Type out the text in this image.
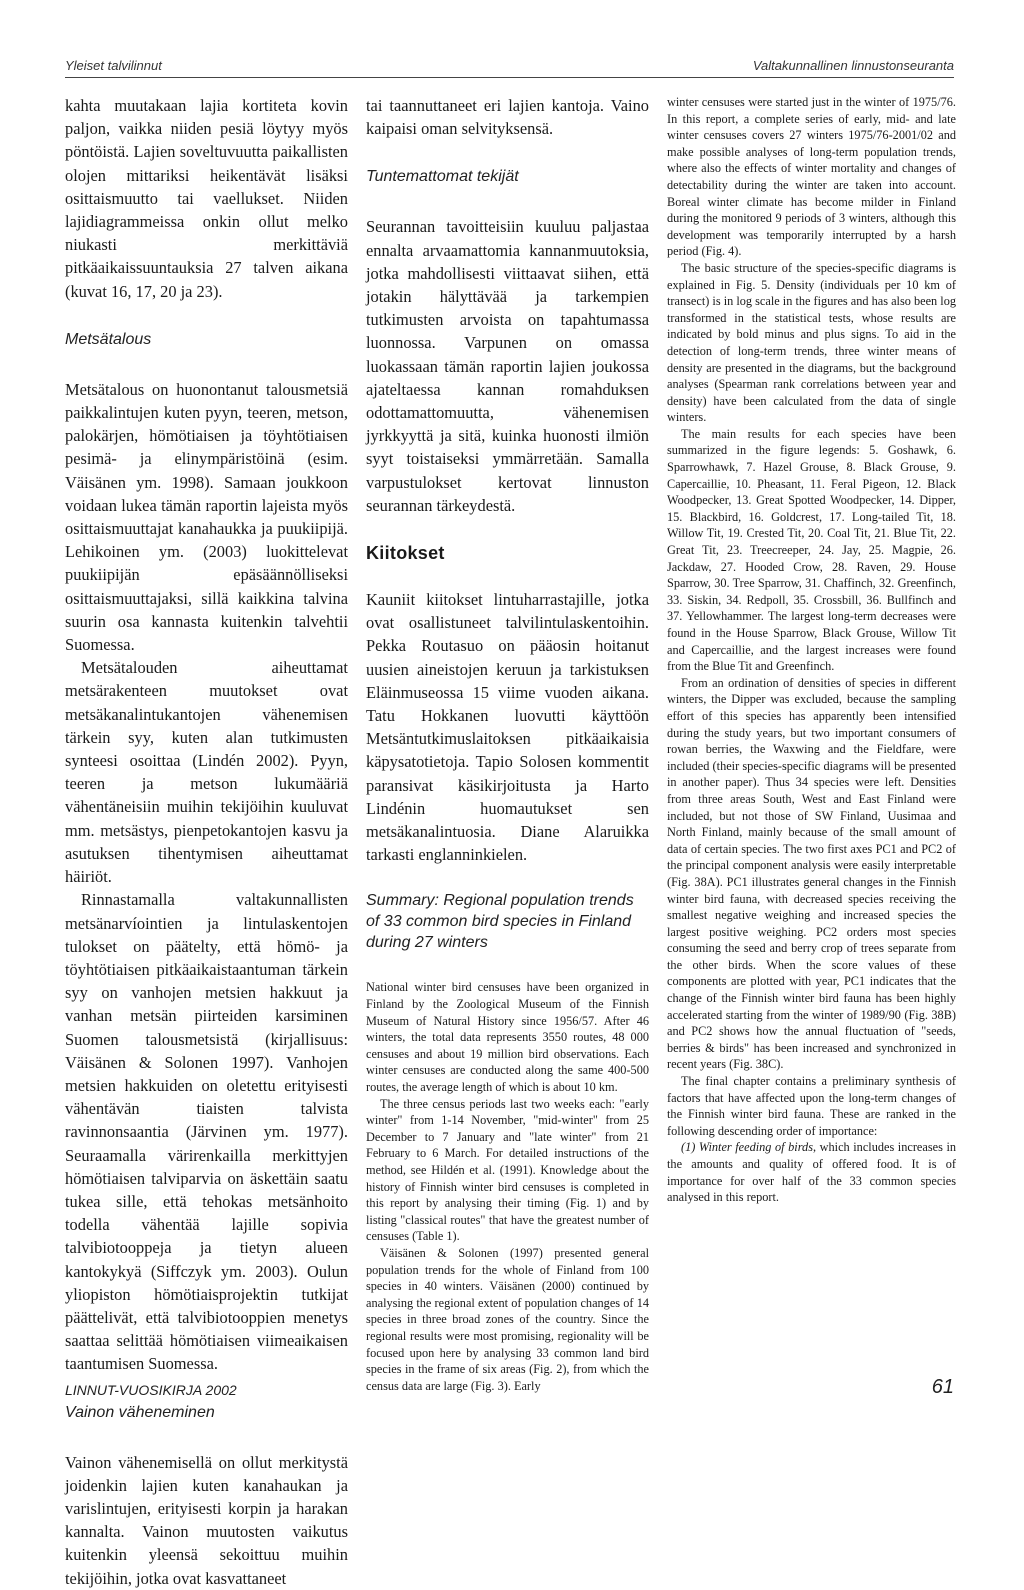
Yleiset talvilinnut	Valtakunnallinen linnustonseuranta

kahta muutakaan lajia kortiteta kovin paljon, vaikka niiden pesiä löytyy myös pöntöistä. Lajien soveltuvuutta paikallisten olojen mittariksi heikentävät lisäksi osittaismuutto tai vaellukset. Niiden lajidiagrammeissa onkin ollut melko niukasti merkittäviä pitkäaikaissuuntauksia 27 talven aikana (kuvat 16, 17, 20 ja 23).

Metsätalous

Metsätalous on huonontanut talousmetsiä paikkalintujen kuten pyyn, teeren, metson, palokärjen, hömötiaisen ja töyhtötiaisen pesimä- ja elinympäristöinä (esim. Väisänen ym. 1998). Samaan joukkoon voidaan lukea tämän raportin lajeista myös osittaismuuttajat kanahaukka ja puukiipijä. Lehikoinen ym. (2003) luokittelevat puukiipijän epäsäännölliseksi osittaismuuttajaksi, sillä kaikkina talvina suurin osa kannasta kuitenkin talvehtii Suomessa.

Metsätalouden aiheuttamat metsärakenteen muutokset ovat metsäkanalintukantojen vähenemisen tärkein syy, kuten alan tutkimusten synteesi osoittaa (Lindén 2002). Pyyn, teeren ja metson lukumääriä vähentäneisiin muihin tekijöihin kuuluvat mm. metsästys, pienpetokantojen kasvu ja asutuksen tihentymisen aiheuttamat häiriöt.

Rinnastamalla valtakunnallisten metsänarvíointien ja lintulaskentojen tulokset on päätelty, että hömö- ja töyhtötiaisen pitkäaikaistaantuman tärkein syy on vanhojen metsien hakkuut ja vanhan metsän piirteiden karsiminen Suomen talousmetsistä (kirjallisuus: Väisänen & Solonen 1997). Vanhojen metsien hakkuiden on oletettu erityisesti vähentävän tiaisten talvista ravinnonsaantia (Järvinen ym. 1977). Seuraamalla värirenkailla merkittyjen hömötiaisen talviparvia on äskettäin saatu tukea sille, että tehokas metsänhoito todella vähentää lajille sopivia talvibiotooppeja ja tietyn alueen kantokykyä (Siffczyk ym. 2003). Oulun yliopiston hömötiaisprojektin tutkijat päättelivät, että talvibiotooppien menetys saattaa selittää hömötiaisen viimeaikaisen taantumisen Suomessa.

Vainon väheneminen

Vainon vähenemisellä on ollut merkitystä joidenkin lajien kuten kanahaukan ja varislintujen, erityisesti korpin ja harakan kannalta. Vainon muutosten vaikutus kuitenkin yleensä sekoittuu muihin tekijöihin, jotka ovat kasvattaneet

tai taannuttaneet eri lajien kantoja. Vaino kaipaisi oman selvityksensä.

Tuntemattomat tekijät

Seurannan tavoitteisiin kuuluu paljastaa ennalta arvaamattomia kannanmuutoksia, jotka mahdollisesti viittaavat siihen, että jotakin hälyttävää ja tarkempien tutkimusten arvoista on tapahtumassa luonnossa. Varpunen on omassa luokassaan tämän raportin lajien joukossa ajateltaessa kannan romahduksen odottamattomuutta, vähenemisen jyrkkyyttä ja sitä, kuinka huonosti ilmiön syyt toistaiseksi ymmärretään. Samalla varpustulokset kertovat linnuston seurannan tärkeydestä.

Kiitokset

Kauniit kiitokset lintuharrastajille, jotka ovat osallistuneet talvilintulaskentoihin. Pekka Routasuo on pääosin hoitanut uusien aineistojen keruun ja tarkistuksen Eläinmuseossa 15 viime vuoden aikana. Tatu Hokkanen luovutti käyttöön Metsäntutkimuslaitoksen pitkäaikaisia käpysatotietoja. Tapio Solosen kommentit paransivat käsikirjoitusta ja Harto Lindénin huomautukset sen metsäkanalintuosia. Diane Alaruikka tarkasti englanninkielen.

Summary: Regional population trends of 33 common bird species in Finland during 27 winters

National winter bird censuses have been organized in Finland by the Zoological Museum of the Finnish Museum of Natural History since 1956/57. After 46 winters, the total data represents 3550 routes, 48 000 censuses and about 19 million bird observations. Each winter censuses are conducted along the same 400-500 routes, the average length of which is about 10 km.

The three census periods last two weeks each: "early winter" from 1-14 November, "mid-winter" from 25 December to 7 January and "late winter" from 21 February to 6 March. For detailed instructions of the method, see Hildén et al. (1991). Knowledge about the history of Finnish winter bird censuses is completed in this report by analysing their timing (Fig. 1) and by listing "classical routes" that have the greatest number of censuses (Table 1).

Väisänen & Solonen (1997) presented general population trends for the whole of Finland from 100 species in 40 winters. Väisänen (2000) continued by analysing the regional extent of population changes of 14 species in three broad zones of the country. Since the regional results were most promising, regionality will be focused upon here by analysing 33 common land bird species in the frame of six areas (Fig. 2), from which the census data are large (Fig. 3). Early

winter censuses were started just in the winter of 1975/76. In this report, a complete series of early, mid- and late winter censuses covers 27 winters 1975/76-2001/02 and make possible analyses of long-term population trends, where also the effects of winter mortality and changes of detectability during the winter are taken into account. Boreal winter climate has become milder in Finland during the monitored 9 periods of 3 winters, although this development was temporarily interrupted by a harsh period (Fig. 4).

The basic structure of the species-specific diagrams is explained in Fig. 5. Density (individuals per 10 km of transect) is in log scale in the figures and has also been log transformed in the statistical tests, whose results are indicated by bold minus and plus signs. To aid in the detection of long-term trends, three winter means of density are presented in the diagrams, but the background analyses (Spearman rank correlations between year and density) have been calculated from the data of single winters.

The main results for each species have been summarized in the figure legends: 5. Goshawk, 6. Sparrowhawk, 7. Hazel Grouse, 8. Black Grouse, 9. Capercaillie, 10. Pheasant, 11. Feral Pigeon, 12. Black Woodpecker, 13. Great Spotted Woodpecker, 14. Dipper, 15. Blackbird, 16. Goldcrest, 17. Long-tailed Tit, 18. Willow Tit, 19. Crested Tit, 20. Coal Tit, 21. Blue Tit, 22. Great Tit, 23. Treecreeper, 24. Jay, 25. Magpie, 26. Jackdaw, 27. Hooded Crow, 28. Raven, 29. House Sparrow, 30. Tree Sparrow, 31. Chaffinch, 32. Greenfinch, 33. Siskin, 34. Redpoll, 35. Crossbill, 36. Bullfinch and 37. Yellowhammer. The largest long-term decreases were found in the House Sparrow, Black Grouse, Willow Tit and Capercaillie, and the largest increases were found from the Blue Tit and Greenfinch.

From an ordination of densities of species in different winters, the Dipper was excluded, because the sampling effort of this species has apparently been intensified during the study years, but two important consumers of rowan berries, the Waxwing and the Fieldfare, were included (their species-specific diagrams will be presented in another paper). Thus 34 species were left. Densities from three areas South, West and East Finland were included, but not those of SW Finland, Uusimaa and North Finland, mainly because of the small amount of data of certain species. The two first axes PC1 and PC2 of the principal component analysis were easily interpretable (Fig. 38A). PC1 illustrates general changes in the Finnish winter bird fauna, with decreased species receiving the smallest negative weighing and increased species the largest positive weighing. PC2 orders most species consuming the seed and berry crop of trees separate from the other birds. When the score values of these components are plotted with year, PC1 indicates that the change of the Finnish winter bird fauna has been highly accelerated starting from the winter of 1989/90 (Fig. 38B) and PC2 shows how the annual fluctuation of "seeds, berries & birds" has been increased and synchronized in recent years (Fig. 38C).

The final chapter contains a preliminary synthesis of factors that have affected upon the long-term changes of the Finnish winter bird fauna. These are ranked in the following descending order of importance:

(1) Winter feeding of birds, which includes increases in the amounts and quality of offered food. It is of importance for over half of the 33 common species analysed in this report.

LINNUT-VUOSIKIRJA 2002	61
